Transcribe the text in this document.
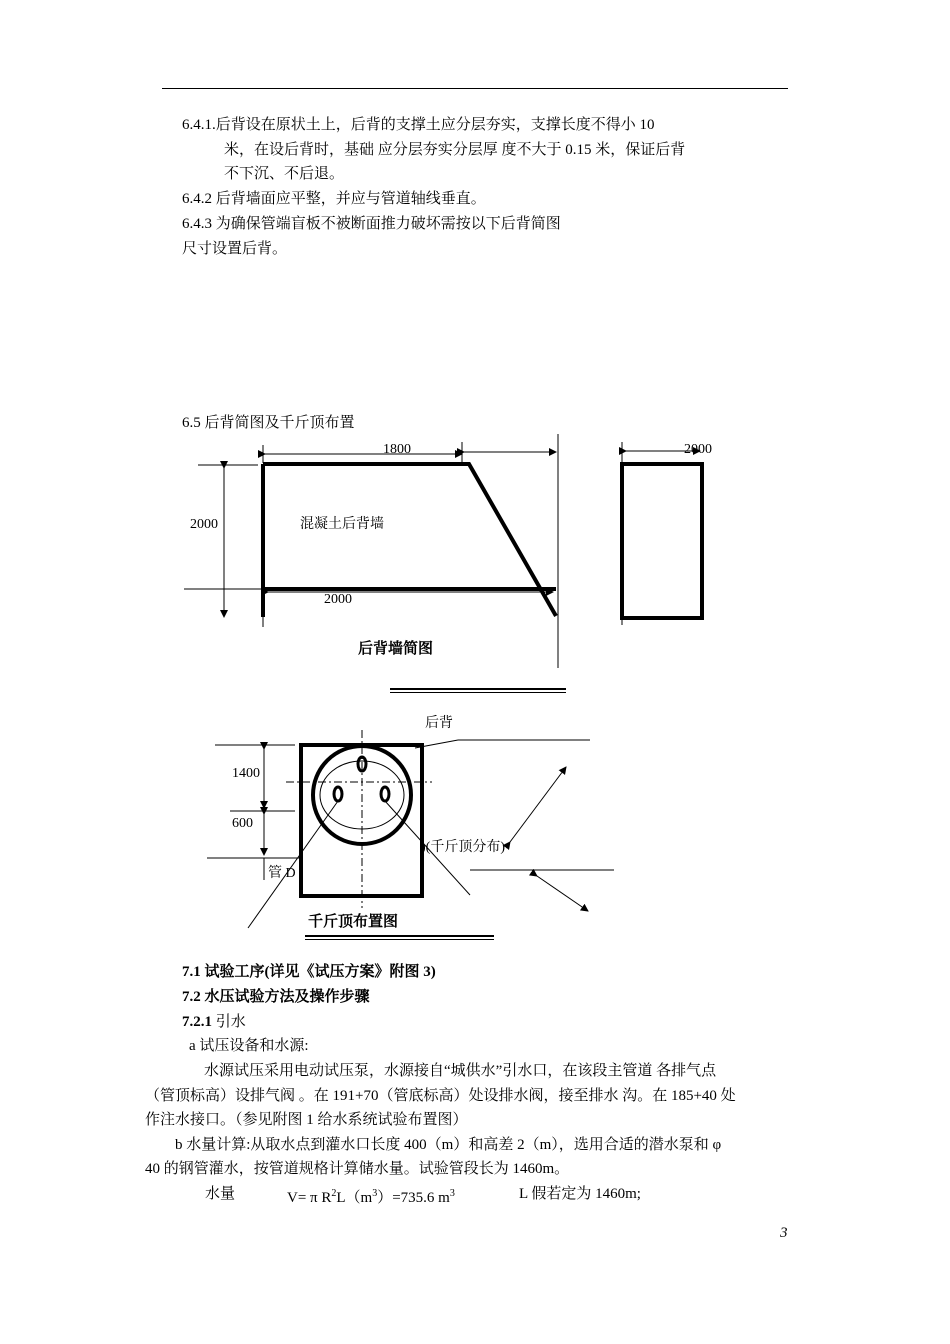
6.4.1.后背设在原状土上，后背的支撑土应分层夯实，支撑长度不得小 10
米，在设后背时，基础 应分层夯实分层厚 度不大于 0.15 米，保证后背
不下沉、不后退。
6.4.2 后背墙面应平整，并应与管道轴线垂直。
6.4.3 为确保管端盲板不被断面推力破坏需按以下后背简图
尺寸设置后背。
6.5 后背简图及千斤顶布置
1800	2000
2000
2000
混凝土后背墙
后背墙简图
后背
1400
600
管 D
)(千斤顶分布)
千斤顶布置图
7.1 试验工序(详见《试压方案》附图 3)
7.2 水压试验方法及操作步骤
7.2.1 引水
a 试压设备和水源:
水源试压采用电动试压泵，水源接自“城供水”引水口，在该段主管道 各排气点
（管顶标高）设排气阀 。在 191+70（管底标高）处设排水阀，接至排水 沟。在 185+40 处
作注水接口。（参见附图 1 给水系统试验布置图）
b 水量计算:从取水点到灌水口长度 400（m）和高差 2（m），选用合适的潜水泵和 φ
40 的钢管灌水，按管道规格计算储水量。试验管段长为 1460m。
水量	V= π $R^2L(m^3)=735.6$ $m^3$	L 假若定为 1460m;
3
